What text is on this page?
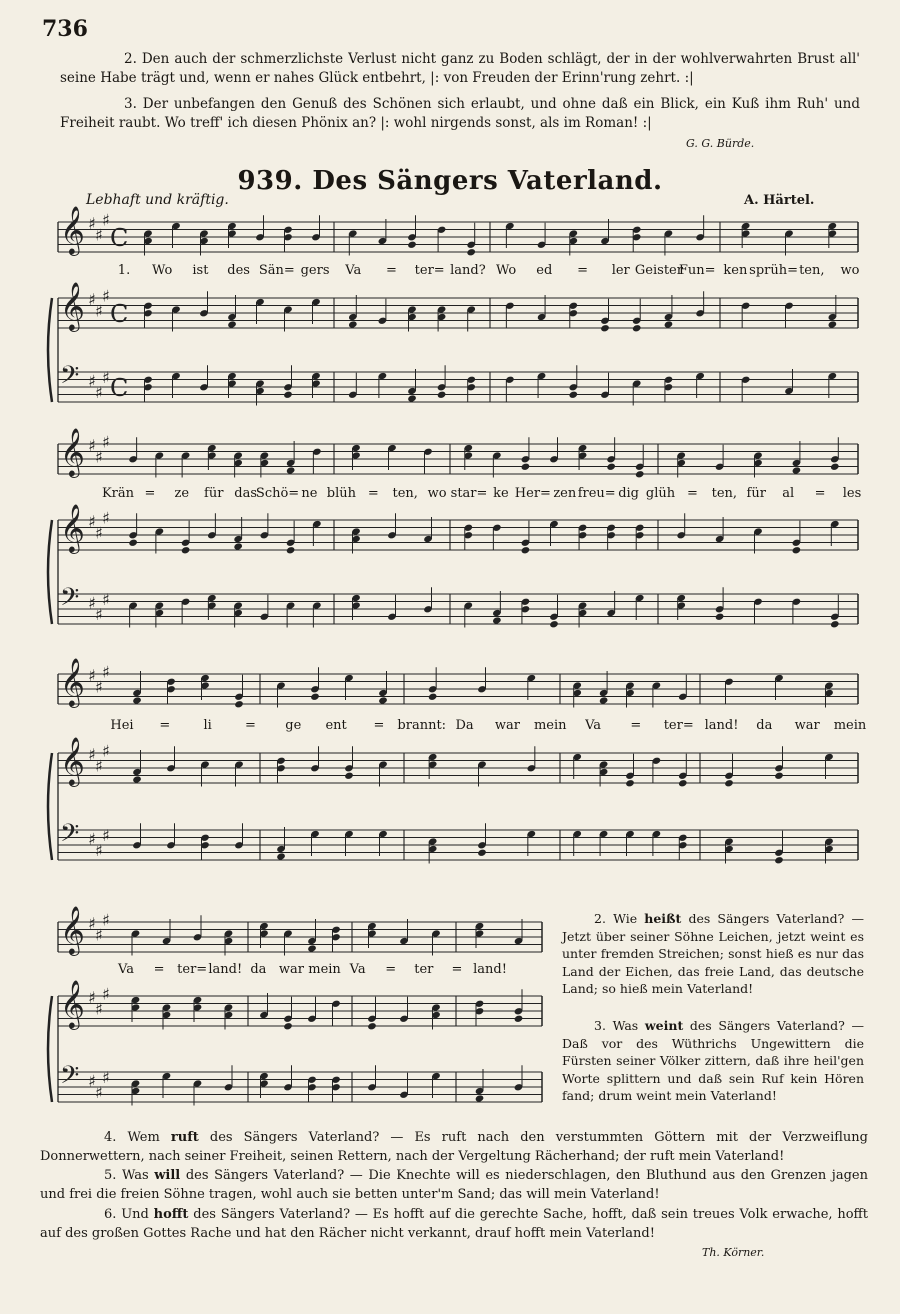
736
2. Den auch der schmerzlichste Verlust nicht ganz zu Boden schlägt, der in der wohlverwahrten Brust all' seine Habe trägt und, wenn er nahes Glück entbehrt, |: von Freuden der Erinn'rung zehrt. :|
3. Der unbefangen den Genuß des Schönen sich erlaubt, und ohne daß ein Blick, ein Kuß ihm Ruh' und Freiheit raubt. Wo treff' ich diesen Phönix an? |: wohl nirgends sonst, als im Roman! :|
G. G. Bürde.
939. Des Sängers Vaterland.
Lebhaft und kräftig.	A. Härtel.
𝄞 ♯
♯
♯
C
𝄞 ♯
♯
♯
C
𝄢 ♯
♯
♯ C
𝄞 ♯
♯
♯
𝄞 ♯
♯
♯
𝄢 ♯
♯
♯
𝄞 ♯
♯
♯
𝄞 ♯
♯
♯
𝄢 ♯
♯
♯
𝄞 ♯
♯
♯
𝄞 ♯
♯
♯
𝄢 ♯
♯
♯
1. Wo ist des Sän= gers Va = ter= land? Wo ed = ler Geister
Fun= ken sprüh= ten, wo
Krän = ze für das
Schö= ne blüh = ten, wo star= ke Her= zen freu= dig glüh = ten, für al = les
Hei =	li	= ge ent = brannt: Da war mein Va = ter= land! da war mein
Va = ter= land! da war mein Va = ter = land!
2. Wie heißt des Sängers Vaterland? — Jetzt über seiner Söhne Leichen, jetzt weint es unter fremden Streichen; sonst hieß es nur das Land der Eichen, das freie Land, das deutsche Land; so hieß mein Vaterland!
3. Was weint des Sängers Vaterland? — Daß vor des Wüthrichs Ungewittern die Fürsten seiner Völker zittern, daß ihre heil'gen Worte splittern und daß sein Ruf kein Hören fand; drum weint mein Vaterland!
4. Wem ruft des Sängers Vaterland? — Es ruft nach den verstummten Göttern mit der Verzweiflung Donnerwettern, nach seiner Freiheit, seinen Rettern, nach der Vergeltung Rächerhand; der ruft mein Vaterland!
5. Was will des Sängers Vaterland? — Die Knechte will es niederschlagen, den Bluthund aus den Grenzen jagen und frei die freien Söhne tragen, wohl auch sie betten unter'm Sand; das will mein Vaterland!
6. Und hofft des Sängers Vaterland? — Es hofft auf die gerechte Sache, hofft, daß sein treues Volk erwache, hofft auf des großen Gottes Rache und hat den Rächer nicht verkannt, drauf hofft mein Vaterland!
Th. Körner.
